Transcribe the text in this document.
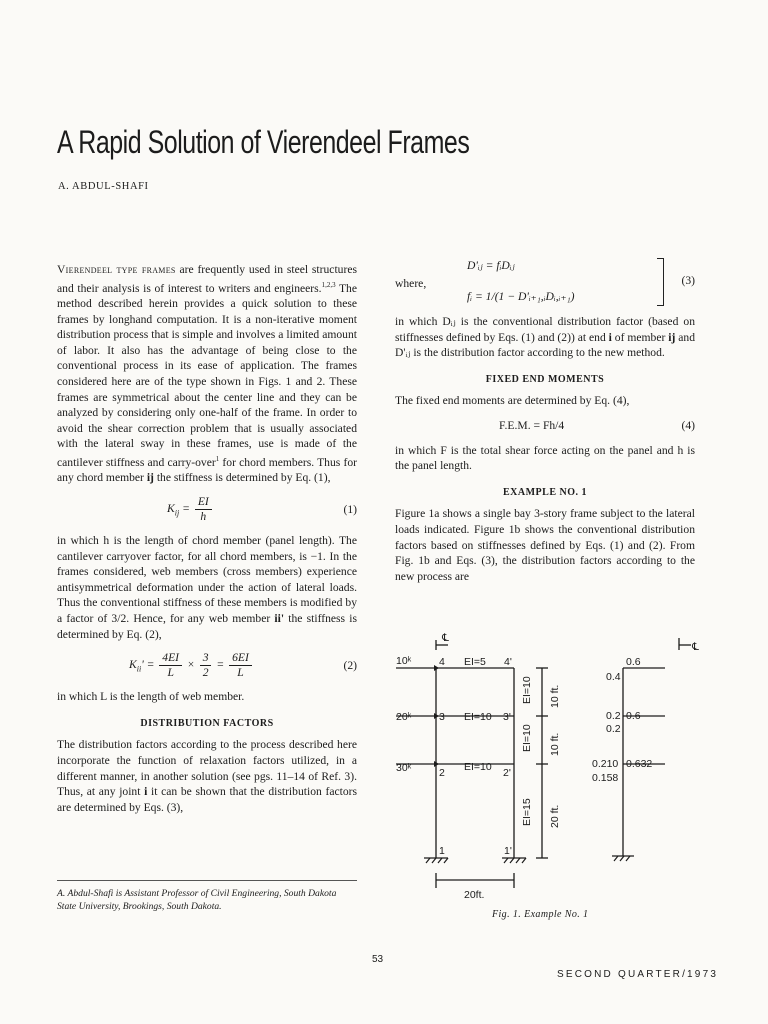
A Rapid Solution of Vierendeel Frames
A. ABDUL-SHAFI

Vierendeel type frames are frequently used in steel structures and their analysis is of interest to writers and engineers.$^{1,2,3}$ The method described herein provides a quick solution to these frames by longhand computation. It is a non-iterative moment distribution process that is simple and involves a limited amount of labor. It also has the advantage of being close to the conventional process in its ease of application. The frames considered here are of the type shown in Figs. 1 and 2. These frames are symmetrical about the center line and they can be analyzed by considering only one-half of the frame. In order to avoid the shear correction problem that is usually associated with the lateral sway in these frames, use is made of the cantilever stiffness and carry-over$^1$ for chord members. Thus for any chord member ij the stiffness is determined by Eq. (1),

$K_{ij} = \frac{EI}{h}$	(1)

in which h is the length of chord member (panel length). The cantilever carryover factor, for all chord members, is −1. In the frames considered, web members (cross members) experience antisymmetrical deformation under the action of lateral loads. Thus the conventional stiffness of these members is modified by a factor of 3/2. Hence, for any web member ii' the stiffness is determined by Eq. (2),

$K_{ii}' = \frac{4EI}{L} \times \frac{3}{2} = \frac{6EI}{L}$	(2)

in which L is the length of web member.

DISTRIBUTION FACTORS

The distribution factors according to the process described here incorporate the function of relaxation factors utilized, in a different manner, in another solution (see pgs. 11–14 of Ref. 3). Thus, at any joint i it can be shown that the distribution factors are determined by Eqs. (3),

D'ᵢⱼ = fᵢDᵢⱼ
where,
fᵢ = 1/(1 − D'ᵢ₊₁,ᵢDᵢ,ᵢ₊₁)
(3)

in which Dᵢⱼ is the conventional distribution factor (based on stiffnesses defined by Eqs. (1) and (2)) at end i of member ij and D'ᵢⱼ is the distribution factor according to the new method.

FIXED END MOMENTS

The fixed end moments are determined by Eq. (4),

F.E.M. = Fh/4	(4)

in which F is the total shear force acting on the panel and h is the panel length.

EXAMPLE NO. 1

Figure 1a shows a single bay 3-story frame subject to the lateral loads indicated. Figure 1b shows the conventional distribution factors based on stiffnesses defined by Eqs. (1) and (2). From Fig. 1b and Eqs. (3), the distribution factors according to the new process are

A. Abdul-Shafi is Assistant Professor of Civil Engineering, South Dakota State University, Brookings, South Dakota.
℄
℄
10ᵏ
20ᵏ
30ᵏ
4
3
2
1
4'
3'
2'
1'
EI=5
EI=10
EI=10
EI=10
EI=10
EI=15
10 ft.
10 ft.
20 ft.
20ft.
0.6
0.4
0.2 0.6
0.2
0.210 0.632
0.158
Fig. 1. Example No. 1
53
SECOND QUARTER/1973
